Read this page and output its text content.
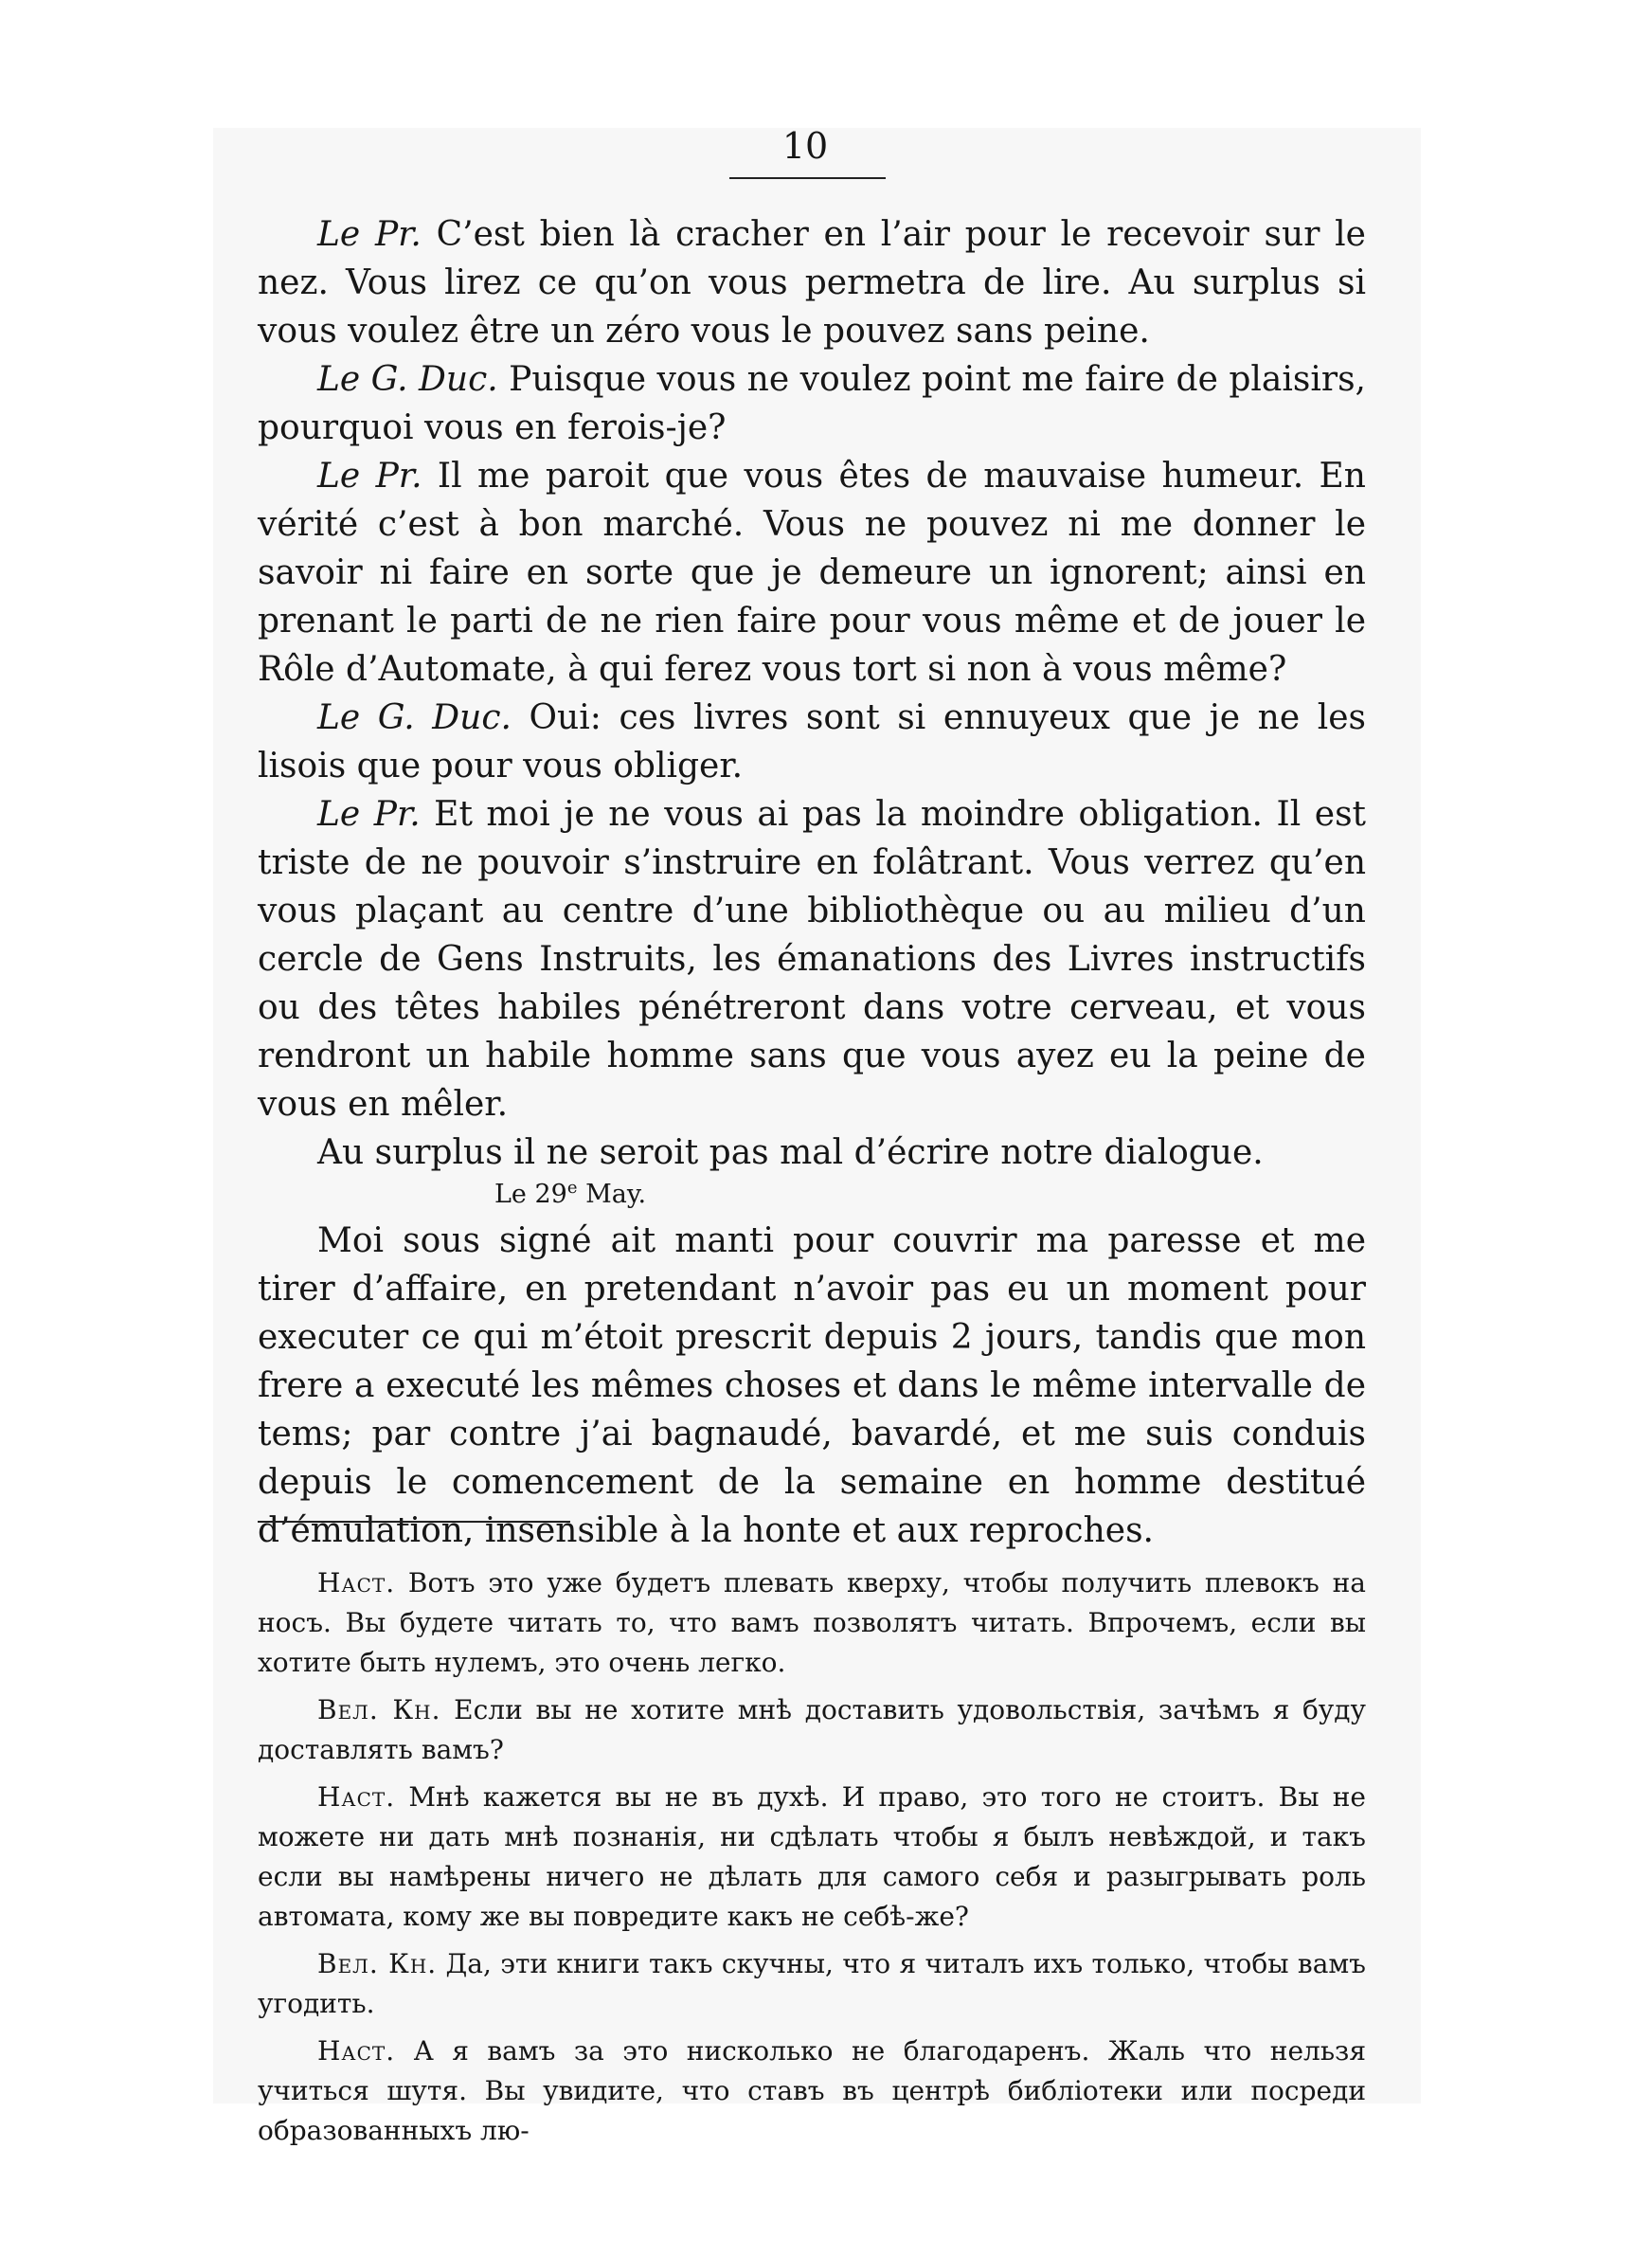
10

Le Pr. C’est bien là cracher en l’air pour le recevoir sur le nez. Vous lirez ce qu’on vous permetra de lire. Au surplus si vous voulez être un zéro vous le pouvez sans peine.

Le G. Duc. Puisque vous ne voulez point me faire de plaisirs, pourquoi vous en ferois-je?

Le Pr. Il me paroit que vous êtes de mauvaise humeur. En vérité c’est à bon marché. Vous ne pouvez ni me donner le savoir ni faire en sorte que je demeure un ignorent; ainsi en prenant le parti de ne rien faire pour vous même et de jouer le Rôle d’Automate, à qui ferez vous tort si non à vous même?

Le G. Duc. Oui: ces livres sont si ennuyeux que je ne les lisois que pour vous obliger.

Le Pr. Et moi je ne vous ai pas la moindre obligation. Il est triste de ne pouvoir s’instruire en folâtrant. Vous verrez qu’en vous plaçant au centre d’une bibliothèque ou au milieu d’un cercle de Gens Instruits, les émanations des Livres instructifs ou des têtes habiles pénétreront dans votre cerveau, et vous rendront un habile homme sans que vous ayez eu la peine de vous en mêler.

Au surplus il ne seroit pas mal d’écrire notre dialogue.

Le 29e May.

Moi sous signé ait manti pour couvrir ma paresse et me tirer d’affaire, en pretendant n’avoir pas eu un moment pour executer ce qui m’étoit prescrit depuis 2 jours, tandis que mon frere a executé les mêmes choses et dans le même intervalle de tems; par contre j’ai bagnaudé, bavardé, et me suis conduis depuis le comencement de la semaine en homme destitué d’émulation, insensible à la honte et aux reproches.

Наст. Вотъ это уже будетъ плевать кверху, чтобы получить плевокъ на носъ. Вы будете читать то, что вамъ позволятъ читать. Впрочемъ, если вы хотите быть нулемъ, это очень легко.

Вел. Кн. Если вы не хотите мнѣ доставить удовольствія, зачѣмъ я буду доставлять вамъ?

Наст. Мнѣ кажется вы не въ духѣ. И право, это того не стоитъ. Вы не можете ни дать мнѣ познанія, ни сдѣлать чтобы я былъ невѣждой, и такъ если вы намѣрены ничего не дѣлать для самого себя и разыгрывать роль автомата, кому же вы повредите какъ не себѣ-же?

Вел. Кн. Да, эти книги такъ скучны, что я читалъ ихъ только, чтобы вамъ угодить.

Наст. А я вамъ за это нисколько не благодаренъ. Жаль что нельзя учиться шутя. Вы увидите, что ставъ въ центрѣ библіотеки или посреди образованныхъ лю-
